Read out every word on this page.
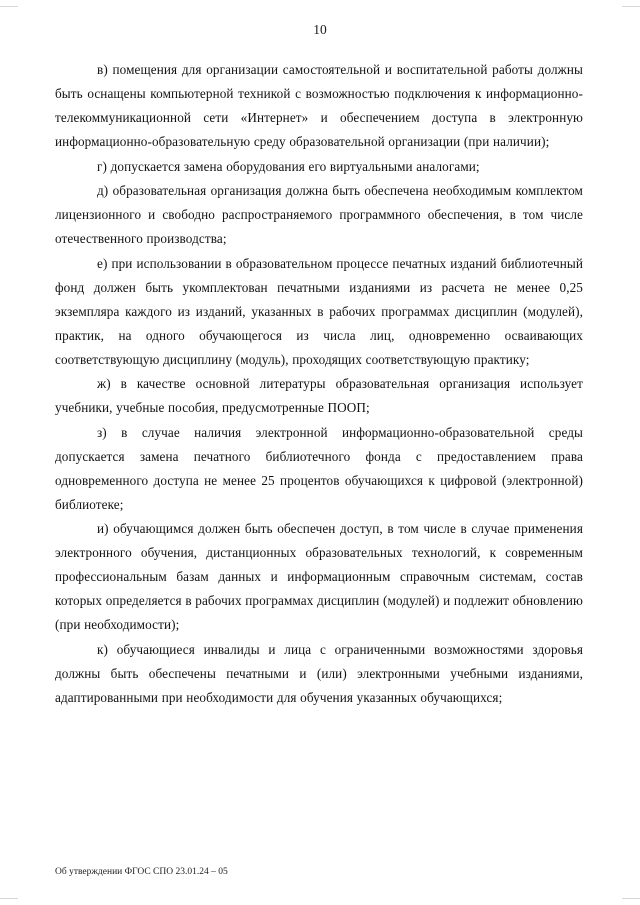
10

в) помещения для организации самостоятельной и воспитательной работы должны быть оснащены компьютерной техникой с возможностью подключения к информационно-телекоммуникационной сети «Интернет» и обеспечением доступа в электронную информационно-образовательную среду образовательной организации (при наличии);

г) допускается замена оборудования его виртуальными аналогами;

д) образовательная организация должна быть обеспечена необходимым комплектом лицензионного и свободно распространяемого программного обеспечения, в том числе отечественного производства;

е) при использовании в образовательном процессе печатных изданий библиотечный фонд должен быть укомплектован печатными изданиями из расчета не менее 0,25 экземпляра каждого из изданий, указанных в рабочих программах дисциплин (модулей), практик, на одного обучающегося из числа лиц, одновременно осваивающих соответствующую дисциплину (модуль), проходящих соответствующую практику;

ж) в качестве основной литературы образовательная организация использует учебники, учебные пособия, предусмотренные ПООП;

з) в случае наличия электронной информационно-образовательной среды допускается замена печатного библиотечного фонда с предоставлением права одновременного доступа не менее 25 процентов обучающихся к цифровой (электронной) библиотеке;

и) обучающимся должен быть обеспечен доступ, в том числе в случае применения электронного обучения, дистанционных образовательных технологий, к современным профессиональным базам данных и информационным справочным системам, состав которых определяется в рабочих программах дисциплин (модулей) и подлежит обновлению (при необходимости);

к) обучающиеся инвалиды и лица с ограниченными возможностями здоровья должны быть обеспечены печатными и (или) электронными учебными изданиями, адаптированными при необходимости для обучения указанных обучающихся;

Об утверждении ФГОС СПО 23.01.24 – 05
